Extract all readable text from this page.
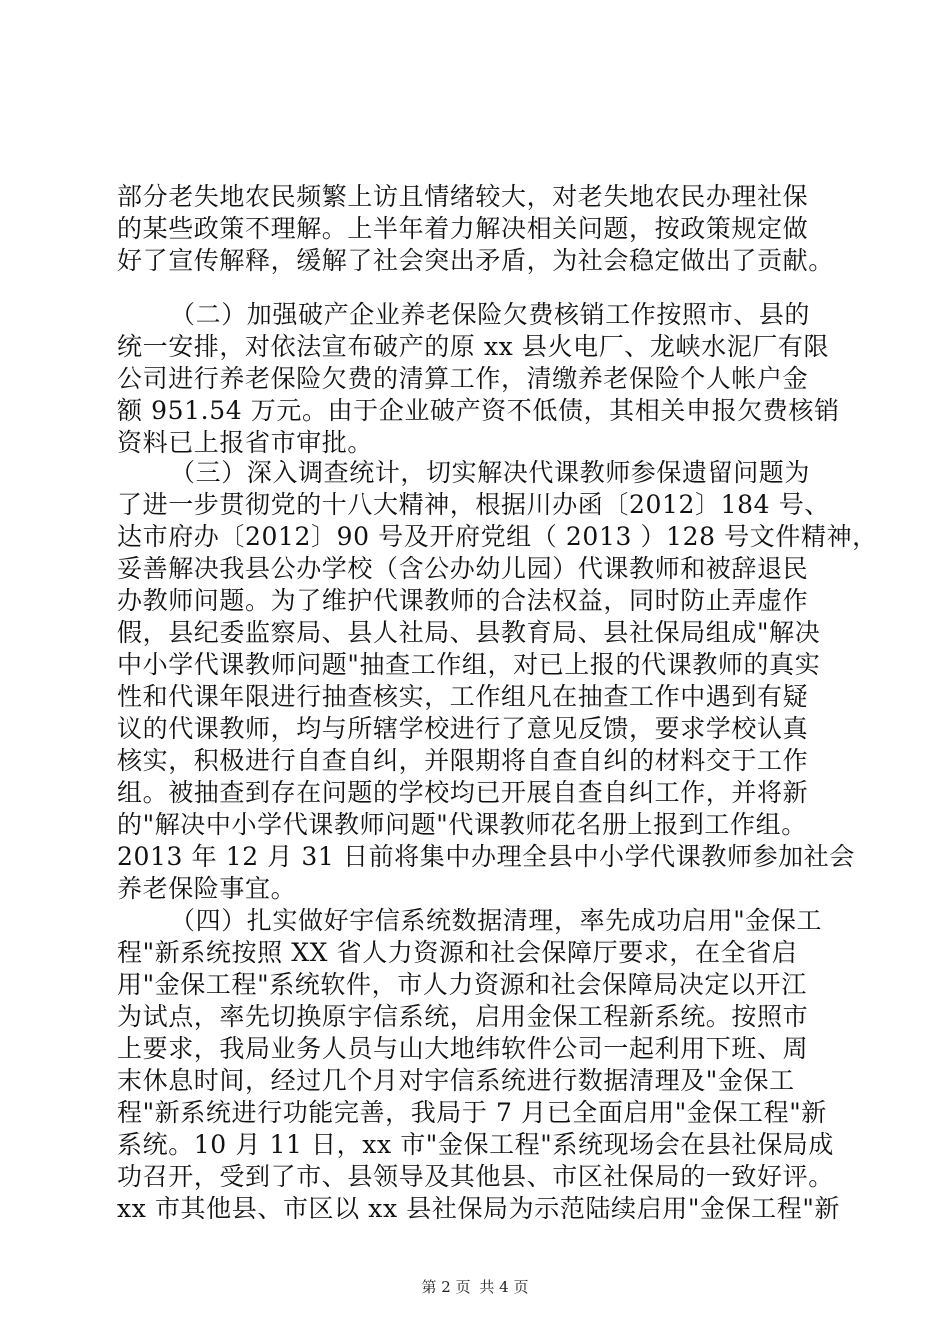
部分老失地农民频繁上访且情绪较大，对老失地农民办理社保
的某些政策不理解。上半年着力解决相关问题，按政策规定做
好了宣传解释，缓解了社会突出矛盾，为社会稳定做出了贡献。
（二）加强破产企业养老保险欠费核销工作按照市、县的
统一安排，对依法宣布破产的原 xx 县火电厂、龙峡水泥厂有限
公司进行养老保险欠费的清算工作，清缴养老保险个人帐户金
额 951.54 万元。由于企业破产资不低债，其相关申报欠费核销
资料已上报省市审批。
（三）深入调查统计，切实解决代课教师参保遗留问题为
了进一步贯彻党的十八大精神，根据川办函〔2012〕184 号、
达市府办〔2012〕90 号及开府党组（ 2013 ）128 号文件精神，
妥善解决我县公办学校（含公办幼儿园）代课教师和被辞退民
办教师问题。为了维护代课教师的合法权益，同时防止弄虚作
假，县纪委监察局、县人社局、县教育局、县社保局组成"解决
中小学代课教师问题"抽查工作组，对已上报的代课教师的真实
性和代课年限进行抽查核实，工作组凡在抽查工作中遇到有疑
议的代课教师，均与所辖学校进行了意见反馈，要求学校认真
核实，积极进行自查自纠，并限期将自查自纠的材料交于工作
组。被抽查到存在问题的学校均已开展自查自纠工作，并将新
的"解决中小学代课教师问题"代课教师花名册上报到工作组。
2013 年 12 月 31 日前将集中办理全县中小学代课教师参加社会
养老保险事宜。
（四）扎实做好宇信系统数据清理，率先成功启用"金保工
程"新系统按照 XX 省人力资源和社会保障厅要求，在全省启
用"金保工程"系统软件，市人力资源和社会保障局决定以开江
为试点，率先切换原宇信系统，启用金保工程新系统。按照市
上要求，我局业务人员与山大地纬软件公司一起利用下班、周
末休息时间，经过几个月对宇信系统进行数据清理及"金保工
程"新系统进行功能完善，我局于 7 月已全面启用"金保工程"新
系统。10 月 11 日，xx 市"金保工程"系统现场会在县社保局成
功召开，受到了市、县领导及其他县、市区社保局的一致好评。
xx 市其他县、市区以 xx 县社保局为示范陆续启用"金保工程"新
第 2 页 共 4 页
